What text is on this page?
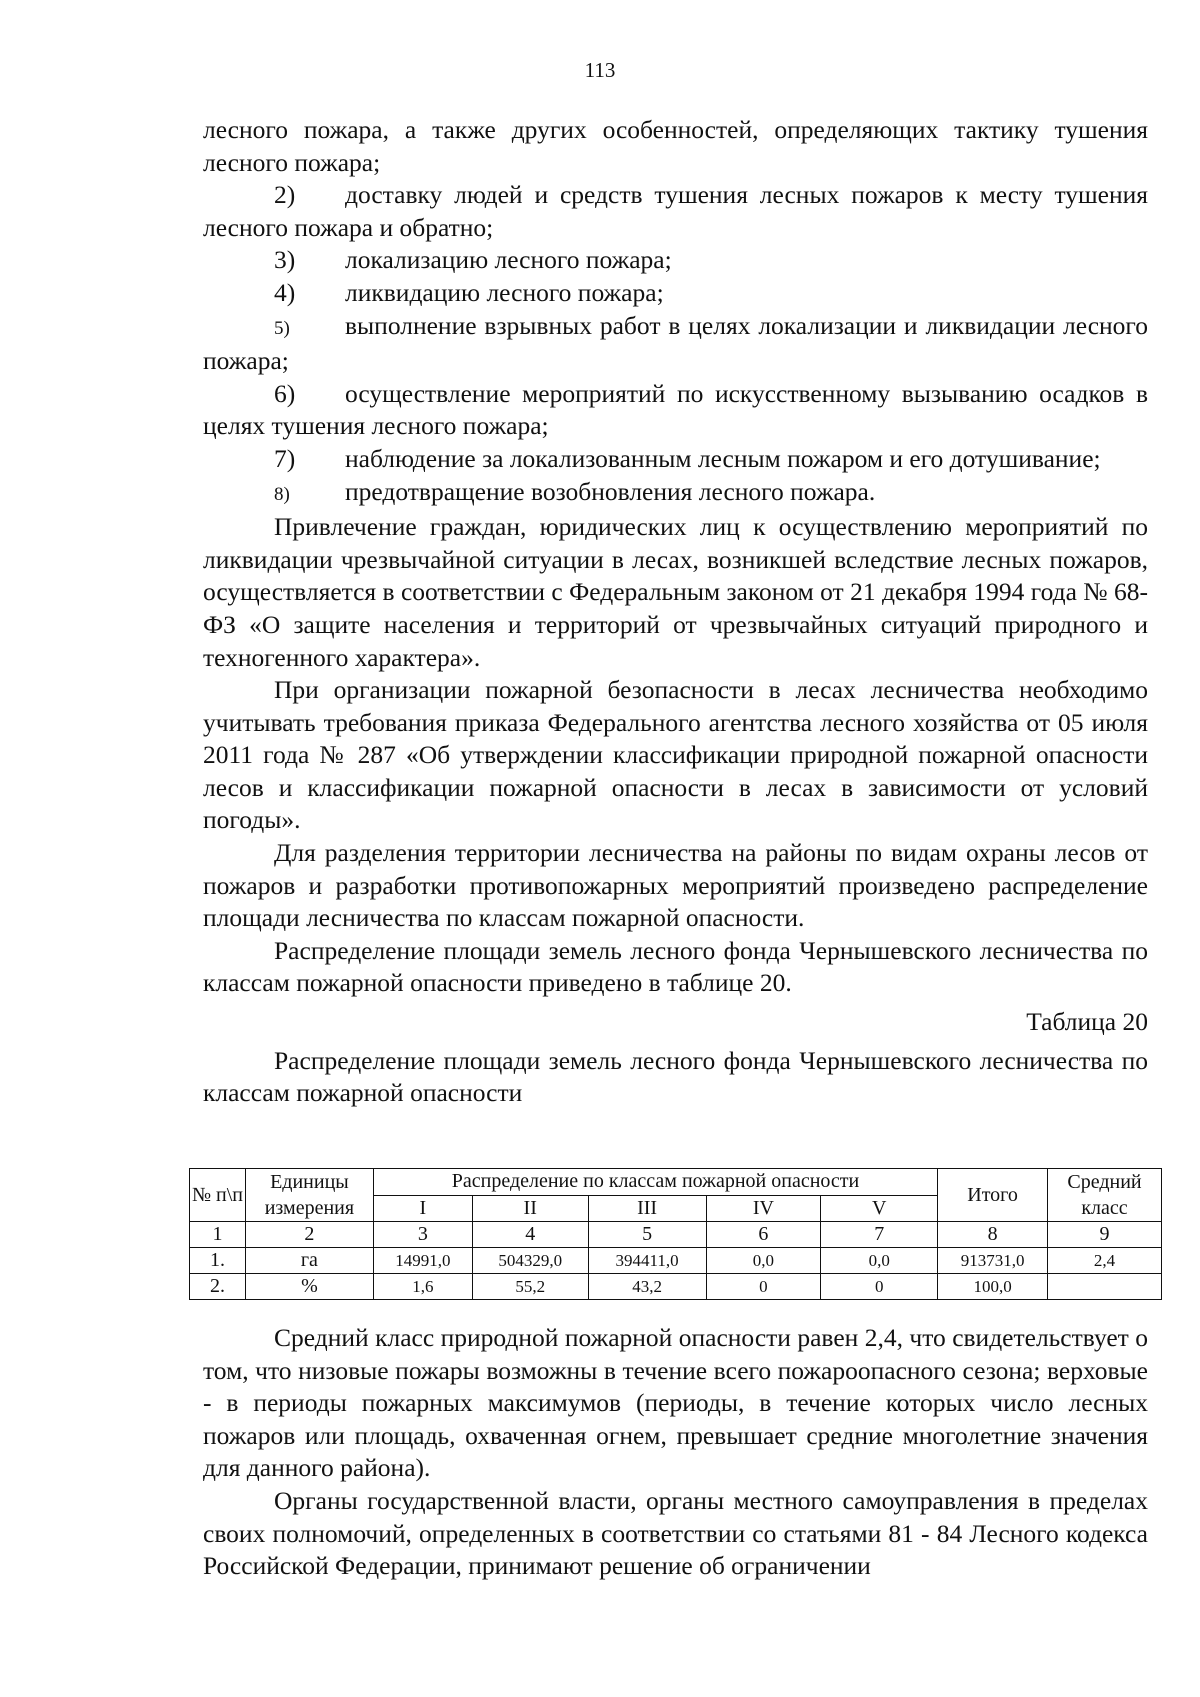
113

лесного пожара, а также других особенностей, определяющих тактику тушения лесного пожара;

2) доставку людей и средств тушения лесных пожаров к месту тушения лесного пожара и обратно;

3) локализацию лесного пожара;

4) ликвидацию лесного пожара;

5) выполнение взрывных работ в целях локализации и ликвидации лесного пожара;

6) осуществление мероприятий по искусственному вызыванию осадков в целях тушения лесного пожара;

7) наблюдение за локализованным лесным пожаром и его дотушивание;

8) предотвращение возобновления лесного пожара.

Привлечение граждан, юридических лиц к осуществлению мероприятий по ликвидации чрезвычайной ситуации в лесах, возникшей вследствие лесных пожаров, осуществляется в соответствии с Федеральным законом от 21 декабря 1994 года № 68-ФЗ «О защите населения и территорий от чрезвычайных ситуаций природного и техногенного характера».

При организации пожарной безопасности в лесах лесничества необходимо учитывать требования приказа Федерального агентства лесного хозяйства от 05 июля 2011 года № 287 «Об утверждении классификации природной пожарной опасности лесов и классификации пожарной опасности в лесах в зависимости от условий погоды».

Для разделения территории лесничества на районы по видам охраны лесов от пожаров и разработки противопожарных мероприятий произведено распределение площади лесничества по классам пожарной опасности.

Распределение площади земель лесного фонда Чернышевского лесничества по классам пожарной опасности приведено в таблице 20.

Таблица 20

Распределение площади земель лесного фонда Чернышевского лесничества по классам пожарной опасности

№ п\п	Единицы измерения	Распределение по классам пожарной опасности					Итого	Средний класс
		I	II	III	IV	V		
1	2	3	4	5	6	7	8	9
1.	га	14991,0	504329,0	394411,0	0,0	0,0	913731,0	2,4
2.	%	1,6	55,2	43,2	0	0	100,0	

Средний класс природной пожарной опасности равен 2,4, что свидетельствует о том, что низовые пожары возможны в течение всего пожароопасного сезона; верховые - в периоды пожарных максимумов (периоды, в течение которых число лесных пожаров или площадь, охваченная огнем, превышает средние многолетние значения для данного района).

Органы государственной власти, органы местного самоуправления в пределах своих полномочий, определенных в соответствии со статьями 81 - 84 Лесного кодекса Российской Федерации, принимают решение об ограничении
